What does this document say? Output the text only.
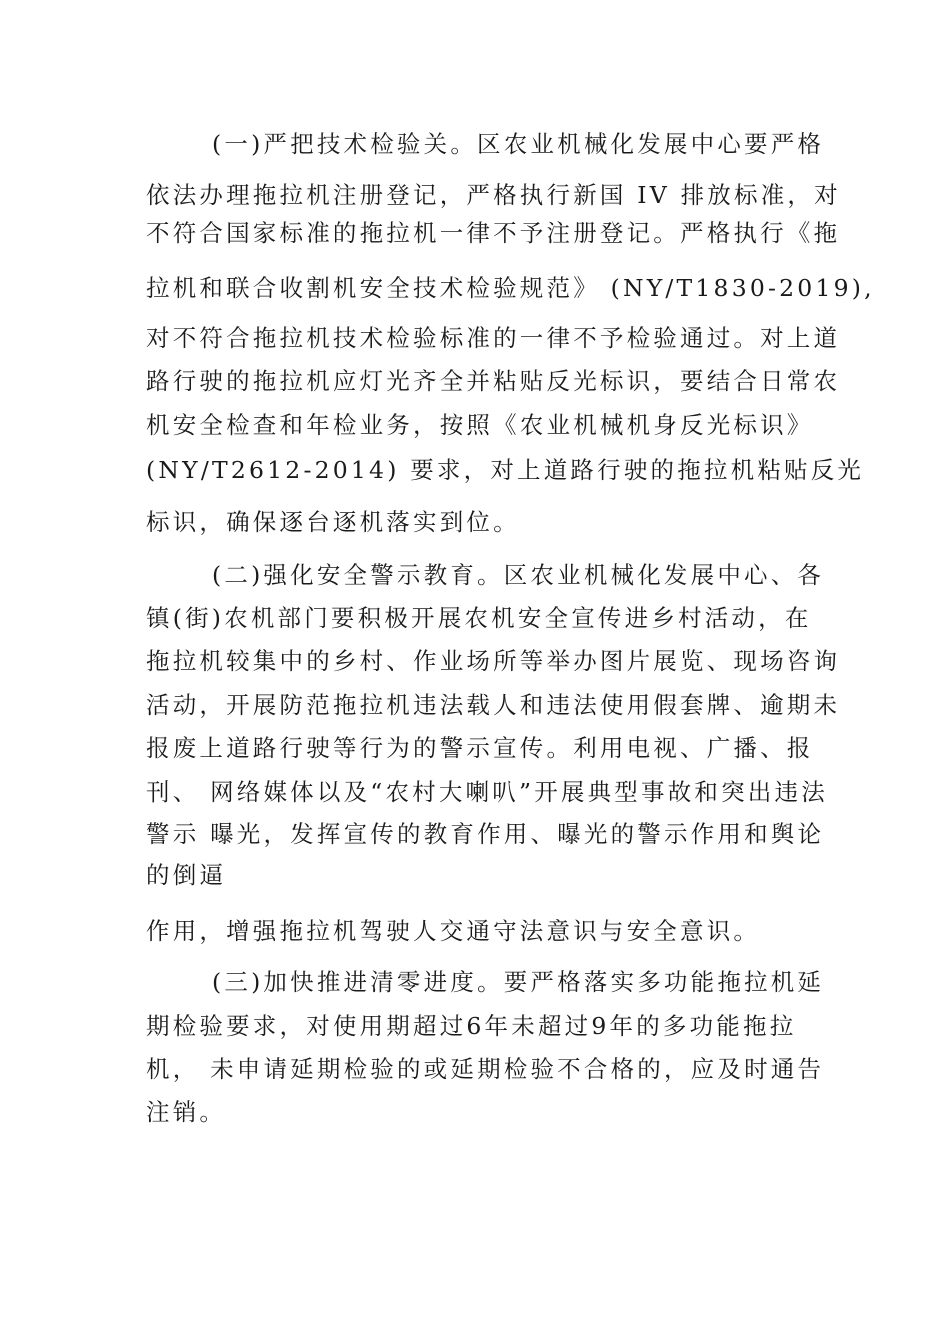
(一)严把技术检验关。区农业机械化发展中心要严格
依法办理拖拉机注册登记，严格执行新国 IV 排放标准，对
不符合国家标准的拖拉机一律不予注册登记。严格执行《拖
拉机和联合收割机安全技术检验规范》 (NY/T1830-2019),
对不符合拖拉机技术检验标准的一律不予检验通过。对上道
路行驶的拖拉机应灯光齐全并粘贴反光标识，要结合日常农
机安全检查和年检业务，按照《农业机械机身反光标识》
(NY/T2612-2014) 要求，对上道路行驶的拖拉机粘贴反光
标识，确保逐台逐机落实到位。
(二)强化安全警示教育。区农业机械化发展中心、各
镇(街)农机部门要积极开展农机安全宣传进乡村活动，在
拖拉机较集中的乡村、作业场所等举办图片展览、现场咨询
活动，开展防范拖拉机违法载人和违法使用假套牌、逾期未
报废上道路行驶等行为的警示宣传。利用电视、广播、报
刊、 网络媒体以及“农村大喇叭”开展典型事故和突出违法
警示 曝光，发挥宣传的教育作用、曝光的警示作用和舆论
的倒逼
作用，增强拖拉机驾驶人交通守法意识与安全意识。
(三)加快推进清零进度。要严格落实多功能拖拉机延
期检验要求，对使用期超过6年未超过9年的多功能拖拉
机， 未申请延期检验的或延期检验不合格的，应及时通告
注销。
